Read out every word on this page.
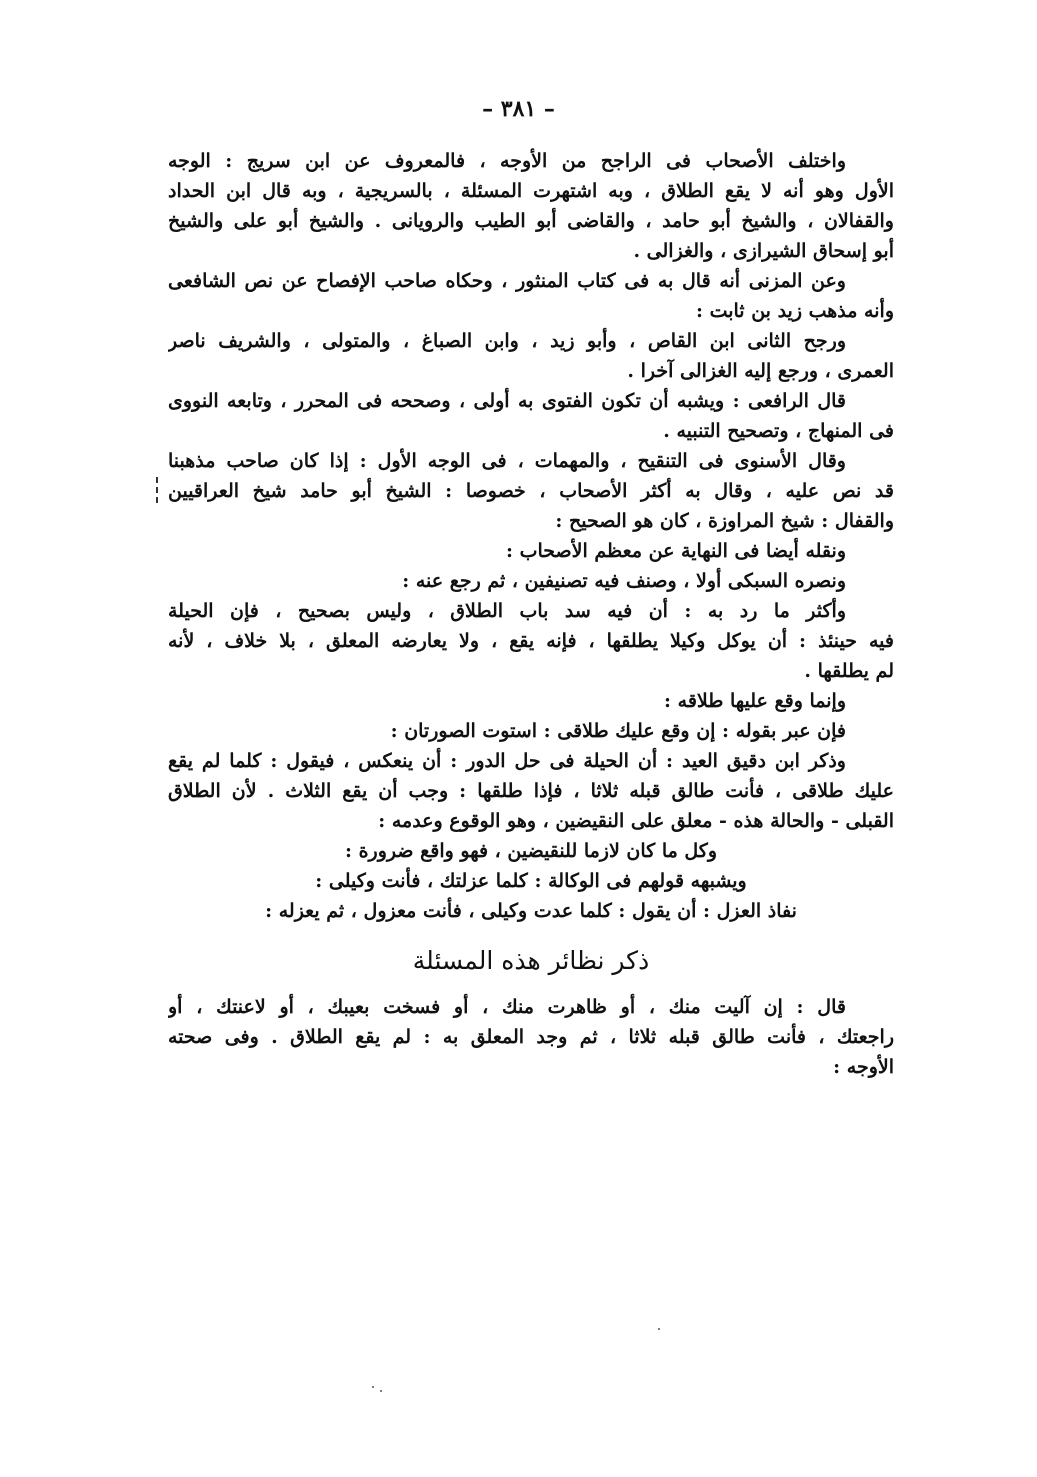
– ٣٨١ –
واختلف الأصحاب فى الراجح من الأوجه ، فالمعروف عن ابن سريج : الوجه
الأول وهو أنه لا يقع الطلاق ، وبه اشتهرت المسئلة ، بالسريجية ، وبه قال ابن الحداد
والقفالان ، والشيخ أبو حامد ، والقاضى أبو الطيب والرويانى . والشيخ أبو على والشيخ
أبو إسحاق الشيرازى ، والغزالى .
وعن المزنى أنه قال به فى كتاب المنثور ، وحكاه صاحب الإفصاح عن نص الشافعى
وأنه مذهب زيد بن ثابت :
ورجح الثانى ابن القاص ، وأبو زيد ، وابن الصباغ ، والمتولى ، والشريف ناصر
العمرى ، ورجع إليه الغزالى آخرا .
قال الرافعى : ويشبه أن تكون الفتوى به أولى ، وصححه فى المحرر ، وتابعه النووى
فى المنهاج ، وتصحيح التنبيه .
وقال الأسنوى فى التنقيح ، والمهمات ، فى الوجه الأول : إذا كان صاحب مذهبنا
قد نص عليه ، وقال به أكثر الأصحاب ، خصوصا : الشيخ أبو حامد شيخ العراقيين
والقفال : شيخ المراوزة ، كان هو الصحيح :
ونقله أيضا فى النهاية عن معظم الأصحاب :
ونصره السبكى أولا ، وصنف فيه تصنيفين ، ثم رجع عنه :
وأكثر ما رد به : أن فيه سد باب الطلاق ، وليس بصحيح ، فإن الحيلة
فيه حينئذ : أن يوكل وكيلا يطلقها ، فإنه يقع ، ولا يعارضه المعلق ، بلا خلاف ، لأنه
لم يطلقها .
وإنما وقع عليها طلاقه :
فإن عبر بقوله : إن وقع عليك طلاقى : استوت الصورتان :
وذكر ابن دقيق العيد : أن الحيلة فى حل الدور : أن ينعكس ، فيقول : كلما لم يقع
عليك طلاقى ، فأنت طالق قبله ثلاثا ، فإذا طلقها : وجب أن يقع الثلاث . لأن الطلاق
القبلى - والحالة هذه - معلق على النقيضين ، وهو الوقوع وعدمه :
وكل ما كان لازما للنقيضين ، فهو واقع ضرورة :
ويشبهه قولهم فى الوكالة : كلما عزلتك ، فأنت وكيلى :
نفاذ العزل : أن يقول : كلما عدت وكيلى ، فأنت معزول ، ثم يعزله :
ذكر نظائر هذه المسئلة
قال : إن آليت منك ، أو ظاهرت منك ، أو فسخت بعيبك ، أو لاعنتك ، أو
راجعتك ، فأنت طالق قبله ثلاثا ، ثم وجد المعلق به : لم يقع الطلاق . وفى صحته
الأوجه :
